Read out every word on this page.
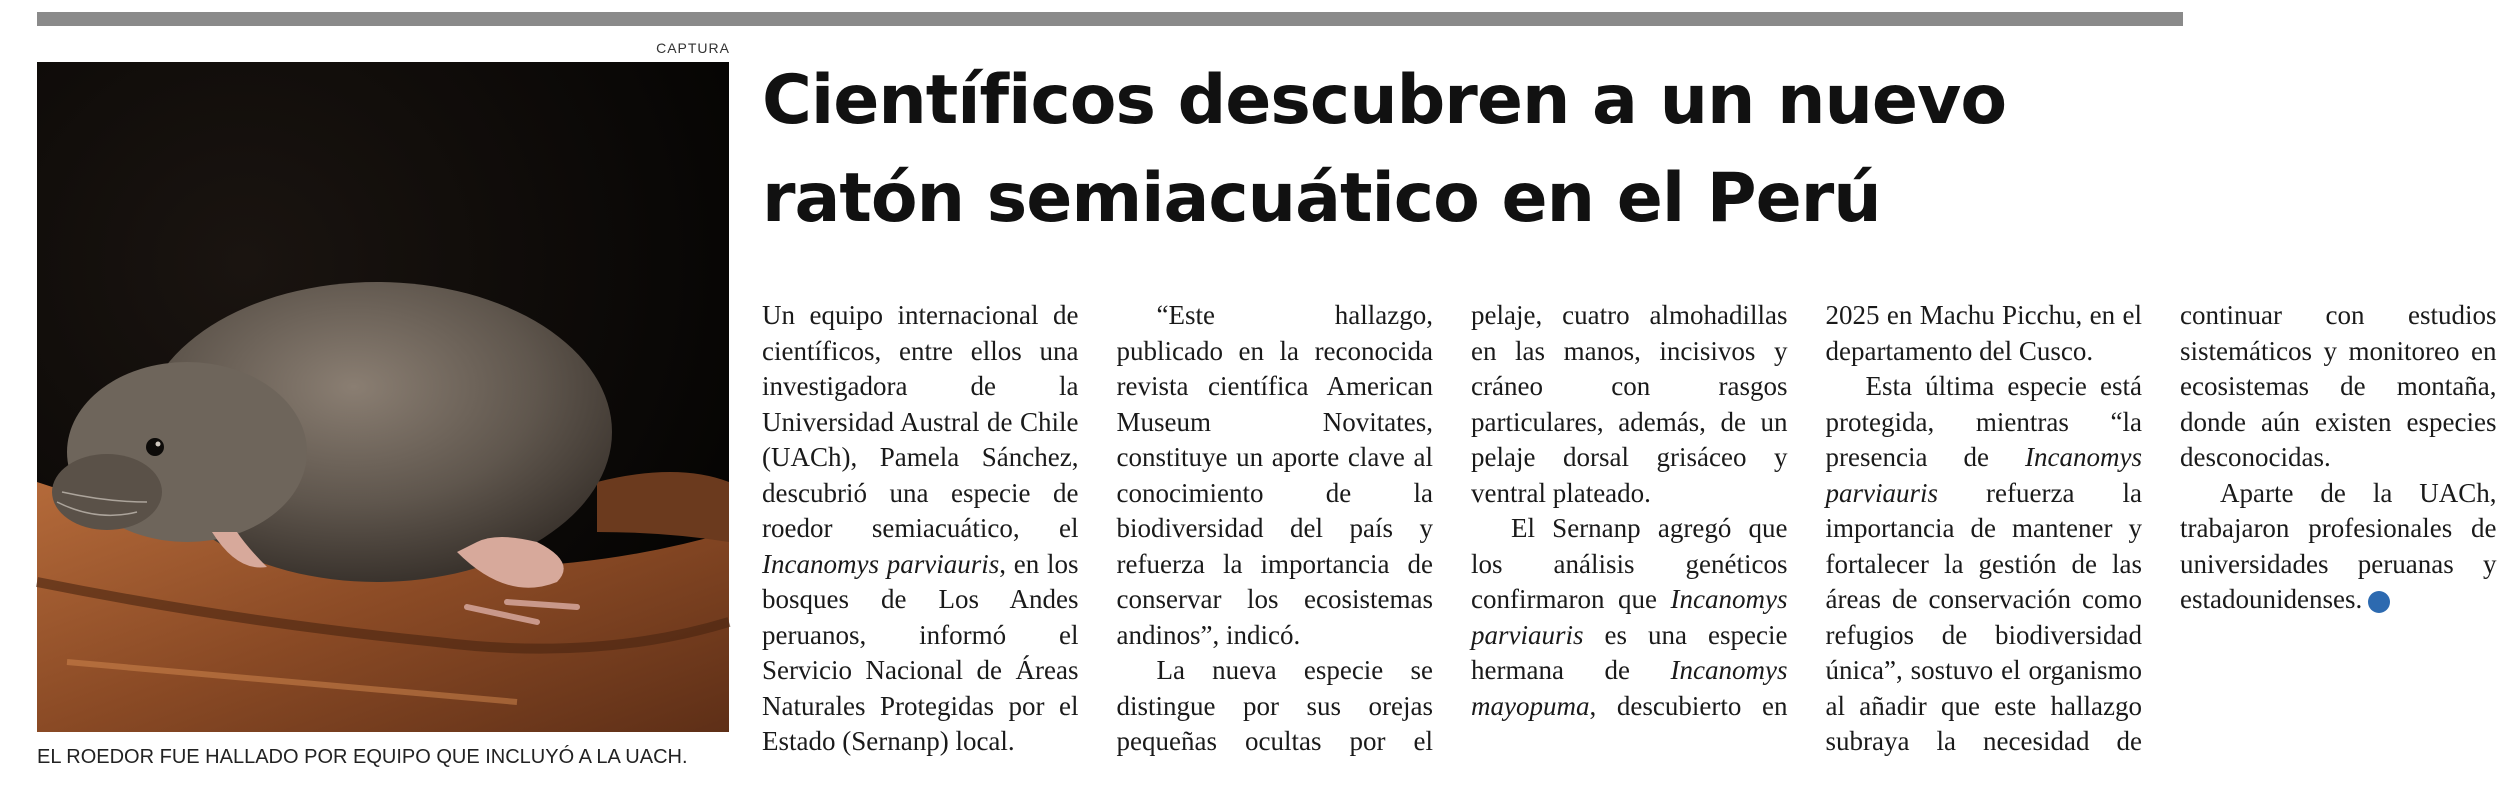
CAPTURA
EL ROEDOR FUE HALLADO POR EQUIPO QUE INCLUYÓ A LA UACH.
Científicos descubren a un nuevo ratón semiacuático en el Perú

Un equipo internacional de científicos, entre ellos una investigadora de la Universidad Austral de Chile (UACh), Pamela Sánchez, descubrió una especie de roedor semiacuático, el Incanomys parviauris, en los bosques de Los Andes peruanos, informó el Servicio Nacional de Áreas Naturales Protegidas por el Estado (Sernanp) local.

“Este hallazgo, publicado en la reconocida revista científica American Museum Novitates, constituye un aporte clave al conocimiento de la biodiversidad del país y refuerza la importancia de conservar los ecosistemas andinos”, indicó.

La nueva especie se distingue por sus orejas pequeñas ocultas por el pelaje, cuatro almohadillas en las manos, incisivos y cráneo con rasgos particulares, además, de un pelaje dorsal grisáceo y ventral plateado.

El Sernanp agregó que los análisis genéticos confirmaron que Incanomys parviauris es una especie hermana de Incanomys mayopuma, descubierto en 2025 en Machu Picchu, en el departamento del Cusco.

Esta última especie está protegida, mientras “la presencia de Incanomys parviauris refuerza la importancia de mantener y fortalecer la gestión de las áreas de conservación como refugios de biodiversidad única”, sostuvo el organismo al añadir que este hallazgo subraya la necesidad de continuar con estudios sistemáticos y monitoreo en ecosistemas de montaña, donde aún existen especies desconocidas.

Aparte de la UACh, trabajaron profesionales de universidades peruanas y estadounidenses.	✪
